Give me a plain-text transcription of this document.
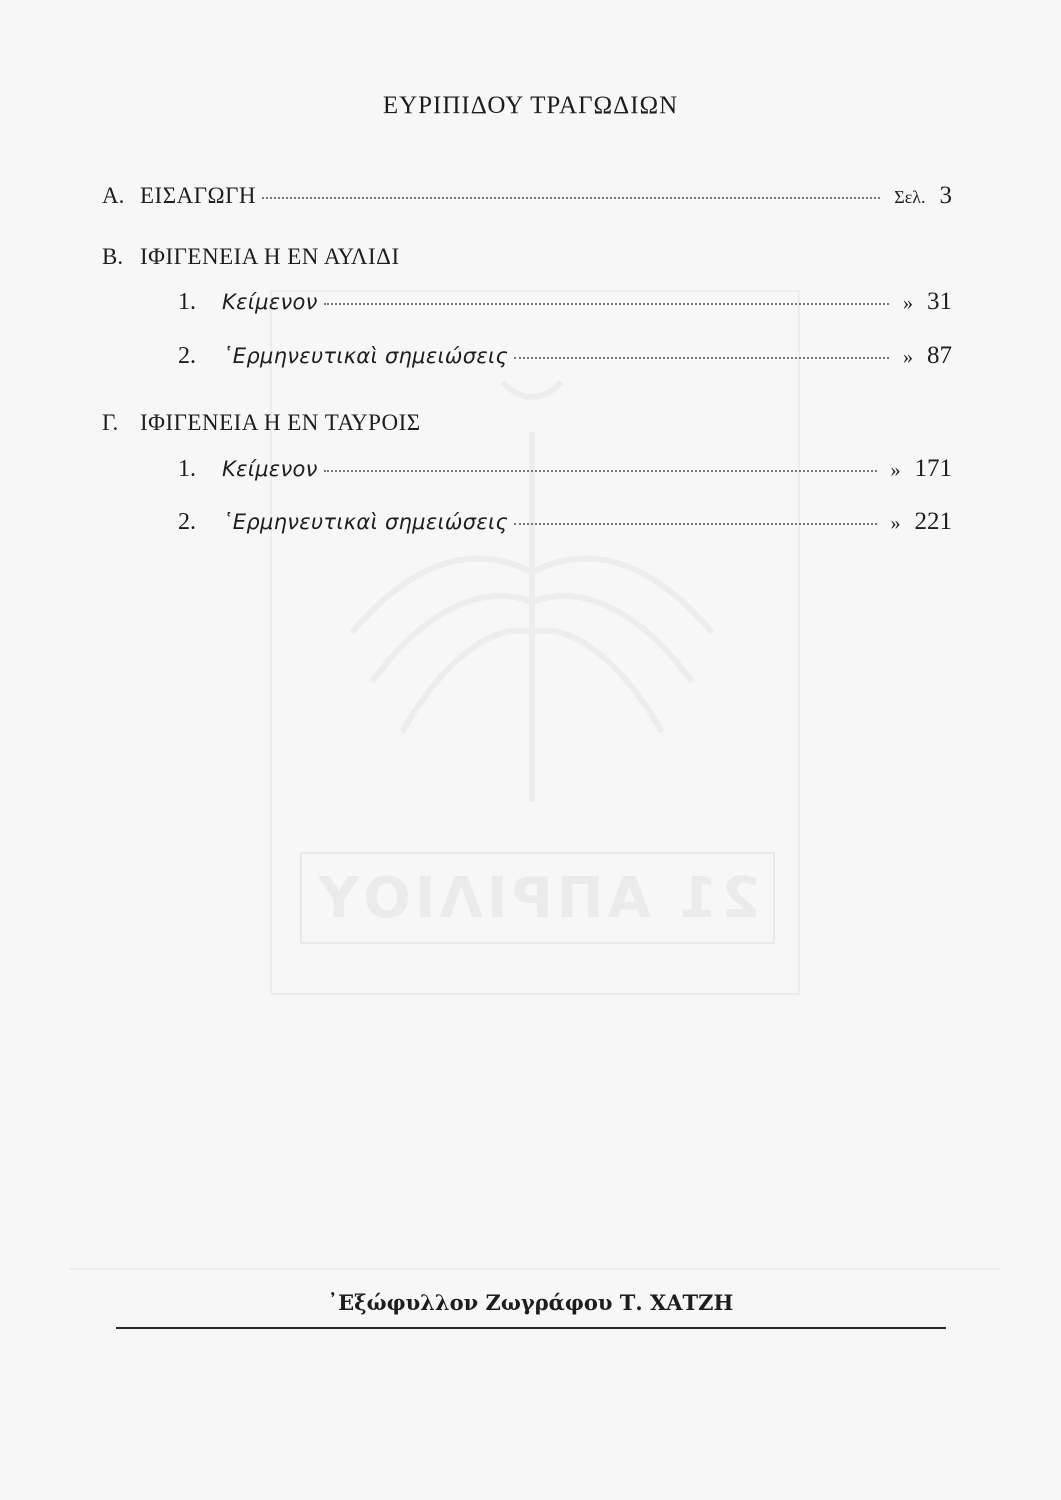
21 ΑΠΡΙΛΙΟΥ
ΕΥΡΙΠΙΔΟΥ ΤΡΑΓΩΔΙΩΝ
Α. ΕΙΣΑΓΩΓΗ	Σελ. 3
Β. ΙΦΙΓΕΝΕΙΑ Η ΕΝ ΑΥΛΙΔΙ
1.	Κείμενον	» 31
2.	῾Ερμηνευτικαὶ σημειώσεις	» 87
Γ. ΙΦΙΓΕΝΕΙΑ Η ΕΝ ΤΑΥΡΟΙΣ
1.	Κείμενον	» 171
2.	῾Ερμηνευτικαὶ σημειώσεις	» 221
᾿Εξώφυλλον Ζωγράφου Τ. ΧΑΤΖΗ
